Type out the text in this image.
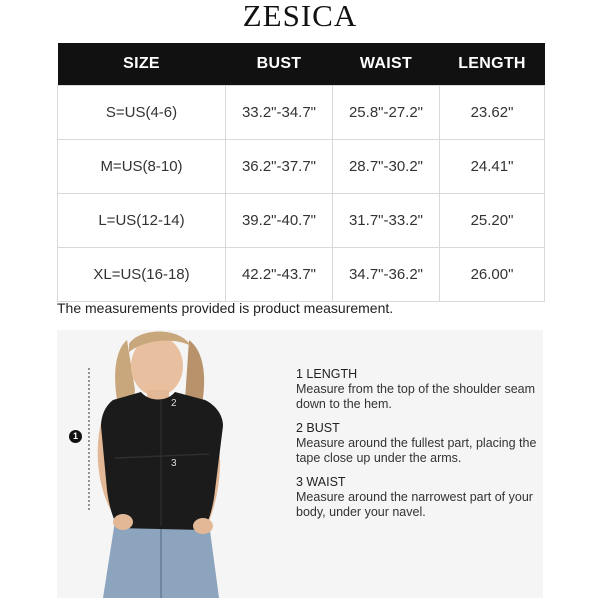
ZESICA
SIZE	BUST	WAIST	LENGTH
S=US(4-6)	33.2"-34.7"	25.8"-27.2"	23.62"
M=US(8-10)	36.2"-37.7"	28.7"-30.2"	24.41"
L=US(12-14)	39.2"-40.7"	31.7"-33.2"	25.20"
XL=US(16-18)	42.2"-43.7"	34.7"-36.2"	26.00"
The measurements provided is product measurement.
1
2
3
1 LENGTH
Measure from the top of the shoulder seam down to the hem.
2 BUST
Measure around the fullest part, placing the tape close up under the arms.
3 WAIST
Measure around the narrowest part of your body, under your navel.
